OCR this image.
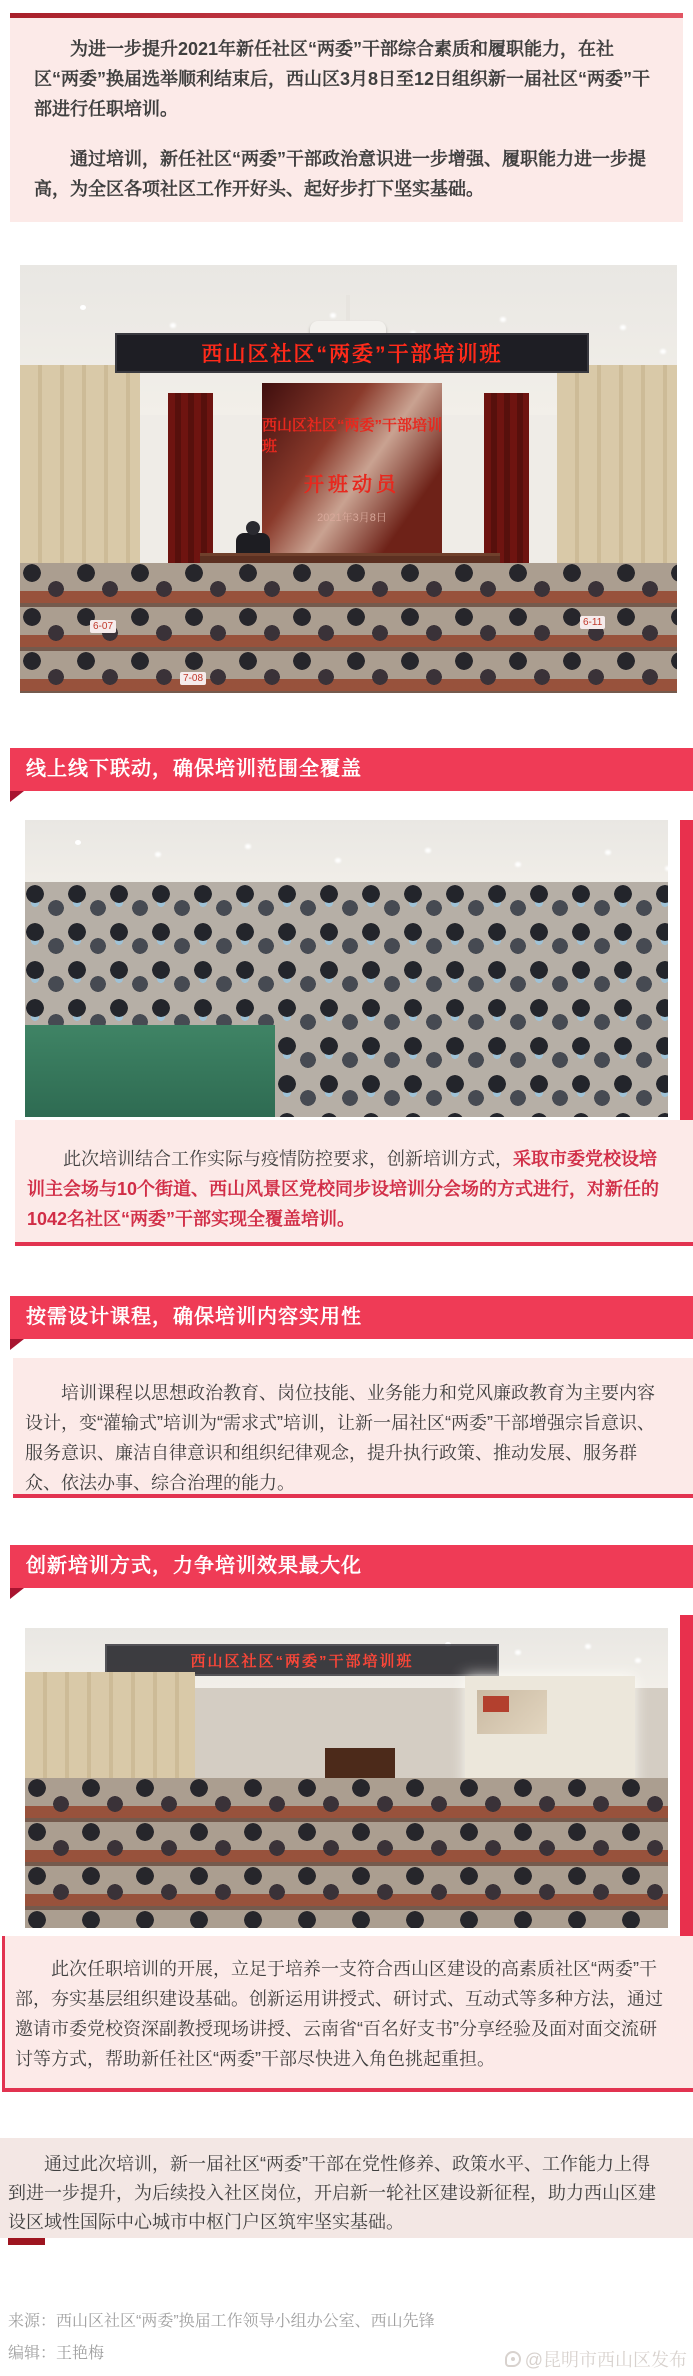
为进一步提升2021年新任社区“两委”干部综合素质和履职能力，在社区“两委”换届选举顺利结束后，西山区3月8日至12日组织新一届社区“两委”干部进行任职培训。

通过培训，新任社区“两委”干部政治意识进一步增强、履职能力进一步提高，为全区各项社区工作开好头、起好步打下坚实基础。

西山区社区“两委”干部培训班
西山区社区“两委”干部培训班
开班动员
2021年3月8日
7-08
6-07	6-11
线上线下联动，确保培训范围全覆盖

此次培训结合工作实际与疫情防控要求，创新培训方式，采取市委党校设培训主会场与10个街道、西山风景区党校同步设培训分会场的方式进行，对新任的1042名社区“两委”干部实现全覆盖培训。

按需设计课程，确保培训内容实用性

培训课程以思想政治教育、岗位技能、业务能力和党风廉政教育为主要内容设计，变“灌输式”培训为“需求式”培训，让新一届社区“两委”干部增强宗旨意识、服务意识、廉洁自律意识和组织纪律观念，提升执行政策、推动发展、服务群众、依法办事、综合治理的能力。

创新培训方式，力争培训效果最大化
西山区社区“两委”干部培训班

此次任职培训的开展，立足于培养一支符合西山区建设的高素质社区“两委”干部，夯实基层组织建设基础。创新运用讲授式、研讨式、互动式等多种方法，通过邀请市委党校资深副教授现场讲授、云南省“百名好支书”分享经验及面对面交流研讨等方式，帮助新任社区“两委”干部尽快进入角色挑起重担。

通过此次培训，新一届社区“两委”干部在党性修养、政策水平、工作能力上得到进一步提升，为后续投入社区岗位，开启新一轮社区建设新征程，助力西山区建设区域性国际中心城市中枢门户区筑牢坚实基础。

来源：西山区社区“两委”换届工作领导小组办公室、西山先锋
编辑：王艳梅	@昆明市西山区发布
